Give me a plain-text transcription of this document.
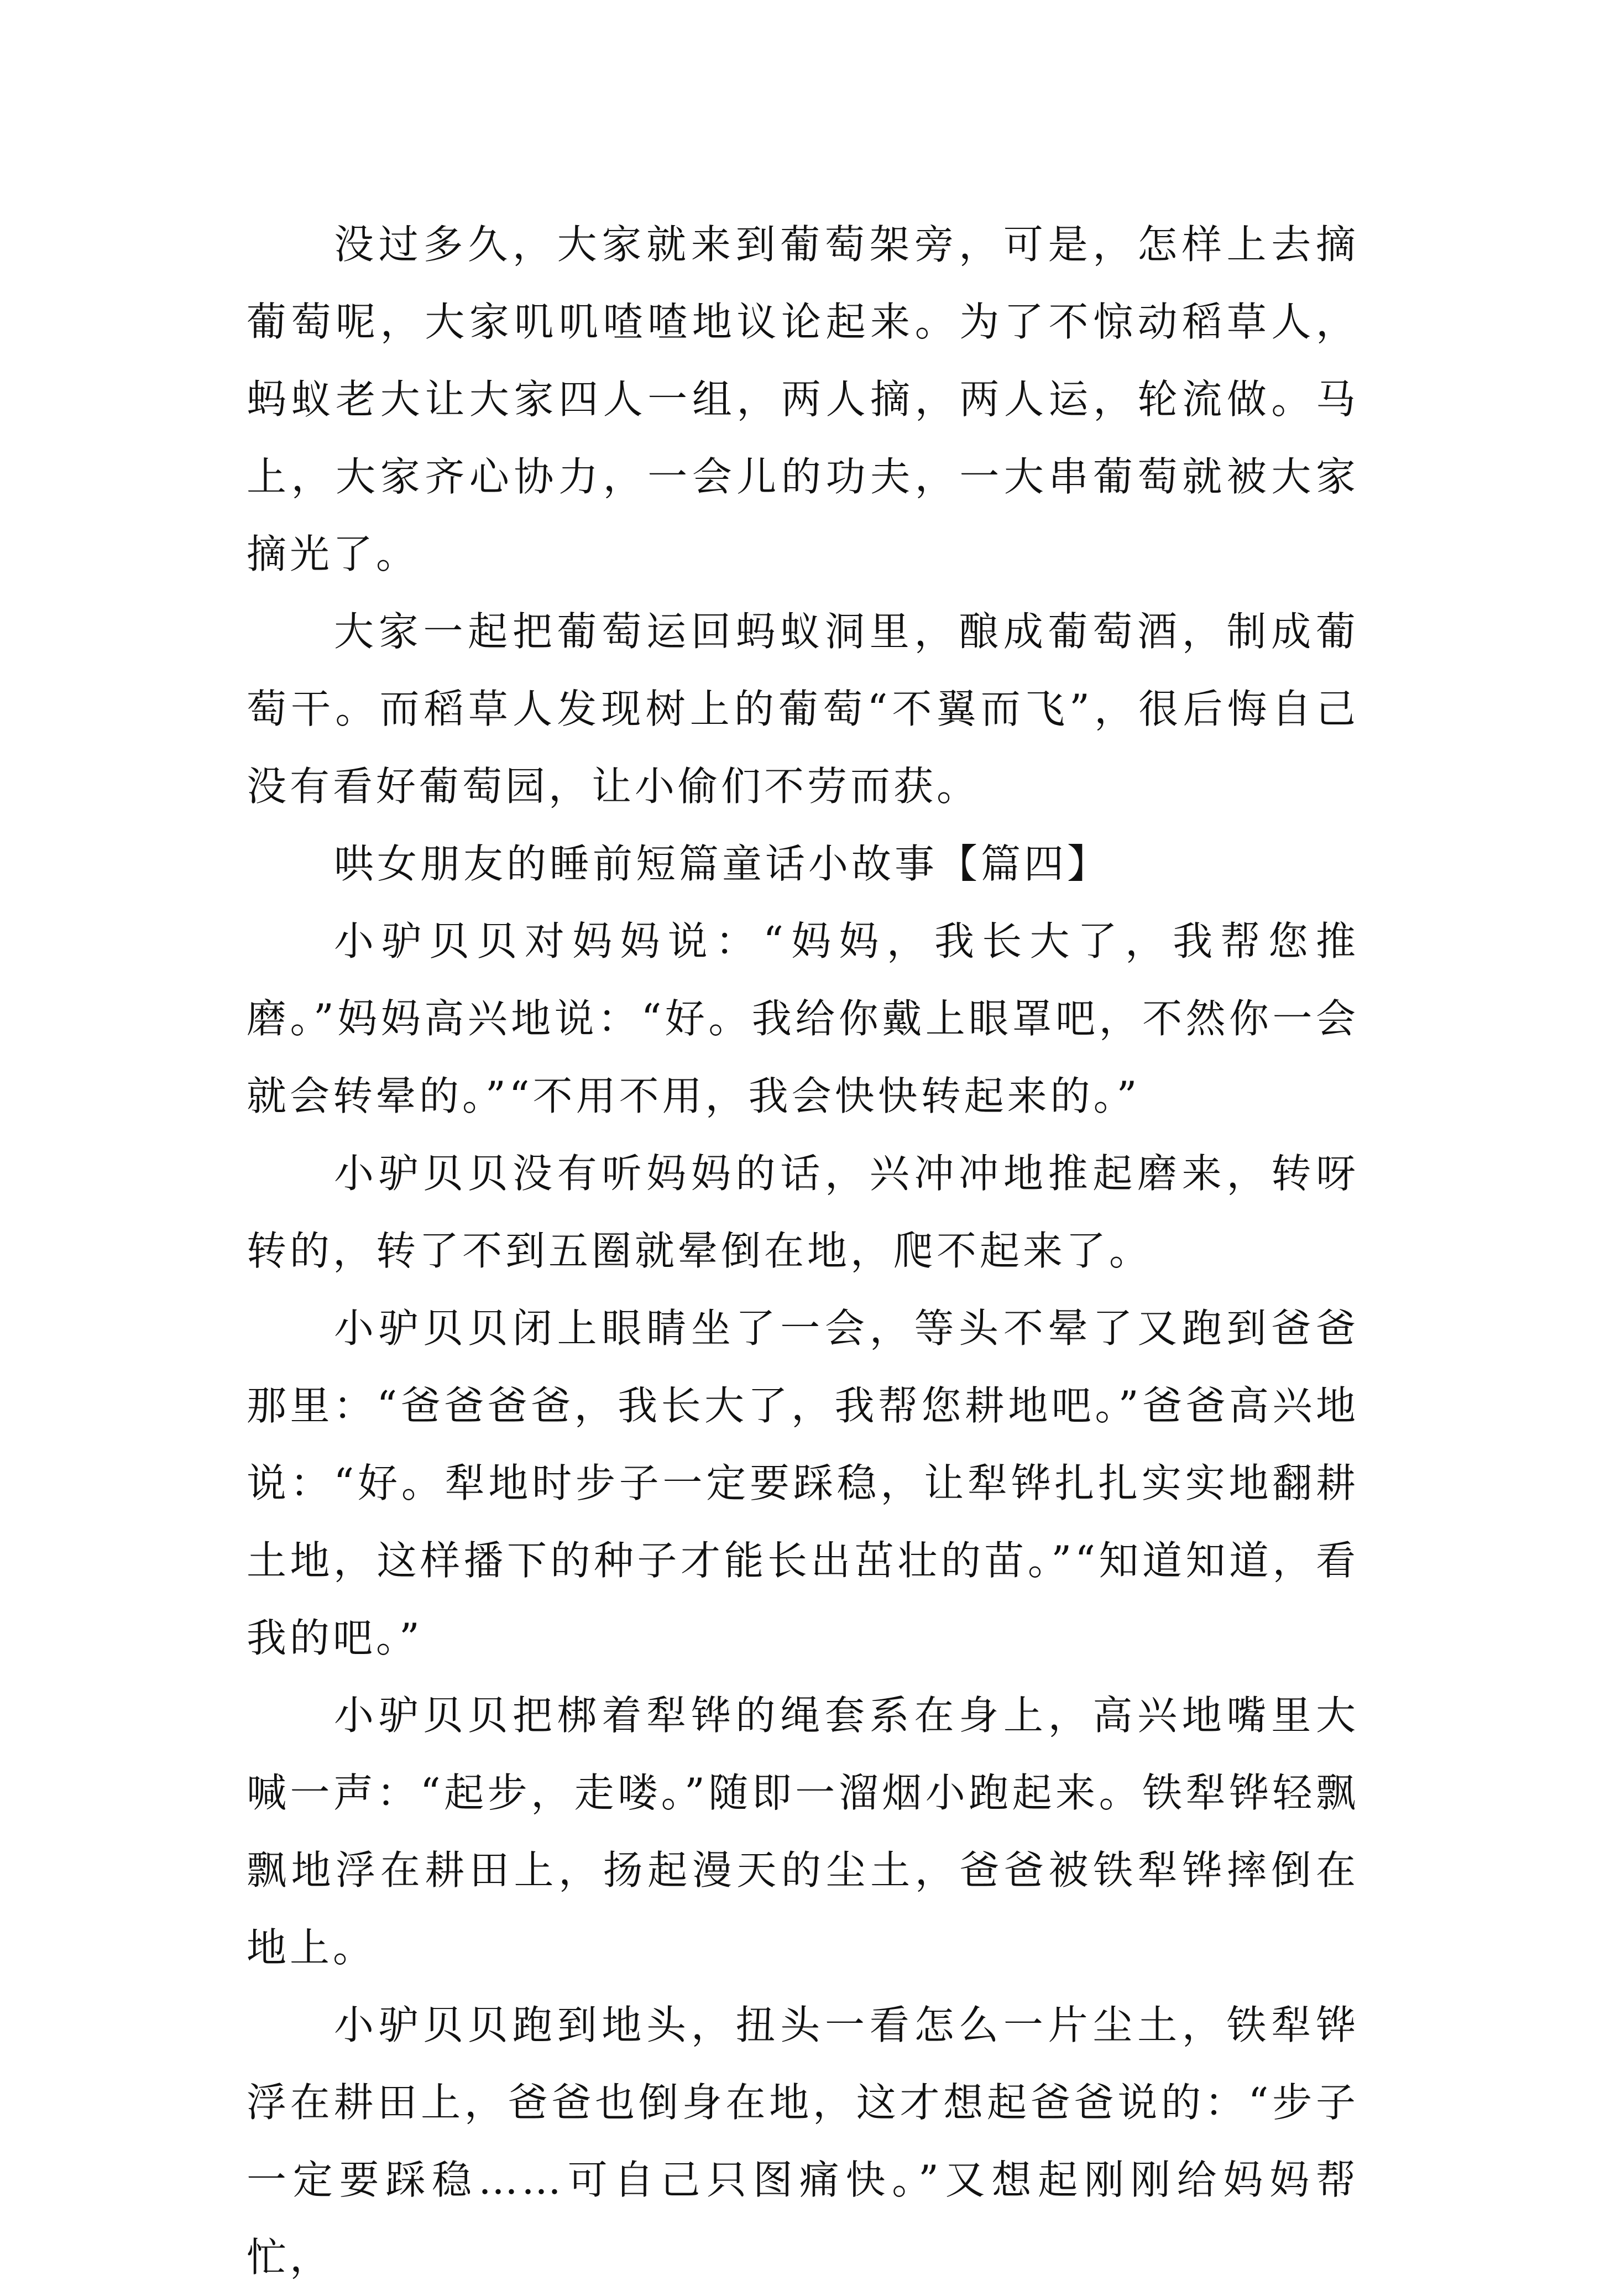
没过多久，大家就来到葡萄架旁，可是，怎样上去摘葡萄呢，大家叽叽喳喳地议论起来。为了不惊动稻草人，蚂蚁老大让大家四人一组，两人摘，两人运，轮流做。马上，大家齐心协力，一会儿的功夫，一大串葡萄就被大家摘光了。

大家一起把葡萄运回蚂蚁洞里，酿成葡萄酒，制成葡萄干。而稻草人发现树上的葡萄“不翼而飞”，很后悔自己没有看好葡萄园，让小偷们不劳而获。

哄女朋友的睡前短篇童话小故事【篇四】

小驴贝贝对妈妈说：“妈妈，我长大了，我帮您推磨。”妈妈高兴地说：“好。我给你戴上眼罩吧，不然你一会就会转晕的。”“不用不用，我会快快转起来的。”

小驴贝贝没有听妈妈的话，兴冲冲地推起磨来，转呀转的，转了不到五圈就晕倒在地，爬不起来了。

小驴贝贝闭上眼睛坐了一会，等头不晕了又跑到爸爸那里：“爸爸爸爸，我长大了，我帮您耕地吧。”爸爸高兴地说：“好。犁地时步子一定要踩稳，让犁铧扎扎实实地翻耕土地，这样播下的种子才能长出茁壮的苗。”“知道知道，看我的吧。”

小驴贝贝把梆着犁铧的绳套系在身上，高兴地嘴里大喊一声：“起步，走喽。”随即一溜烟小跑起来。铁犁铧轻飘飘地浮在耕田上，扬起漫天的尘土，爸爸被铁犁铧摔倒在地上。

小驴贝贝跑到地头，扭头一看怎么一片尘土，铁犁铧浮在耕田上，爸爸也倒身在地，这才想起爸爸说的：“步子一定要踩稳……可自己只图痛快。”又想起刚刚给妈妈帮忙，
